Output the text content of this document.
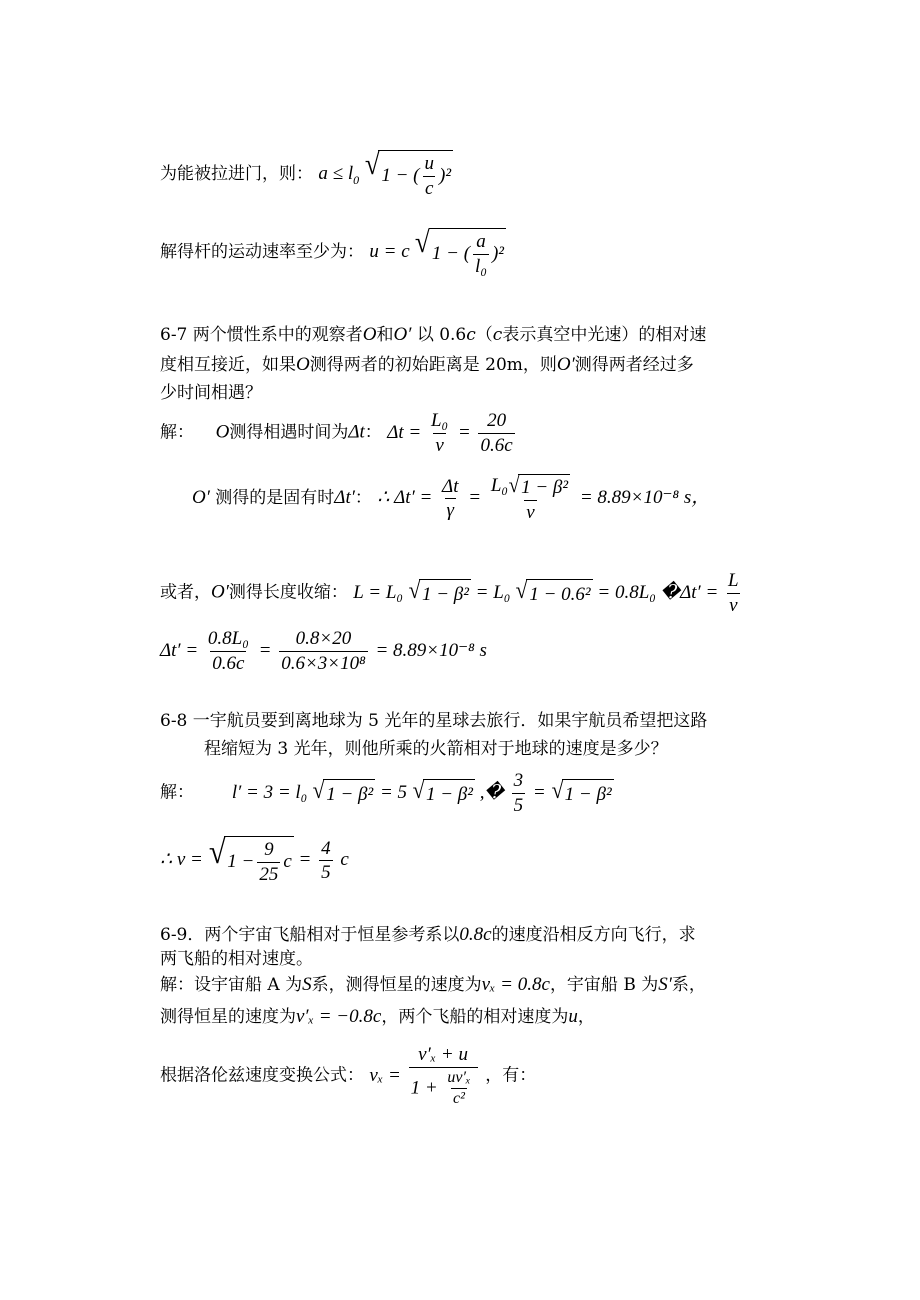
为能被拉进门，则： $a \le l_0$ √ 1 − ( $\frac{u}{c} )^2$
解得杆的运动速率至少为： u = c √ 1 − ( $\frac{a}{\text{l₀}} )^2$
6-7 两个惯性系中的观察者O和O′ 以 0.6c（c表示真空中光速）的相对速
度相互接近，如果O测得两者的初始距离是 20m，则O′测得两者经过多
少时间相遇？
解： O测得相遇时间为Δt： $\Delta t = \frac{\text{L₀}}{v} = \frac{20}{0.6c}$
O′ 测得的是固有时Δt′： ∴ $\Delta t' = \frac{\Delta t}{\gamma} = \frac{\text{L₀ √ 1 − β²}}{v} = 8.89\times 10^{-8}$ s，
或者，O′测得长度收缩： L = L₀ √ 1 − β² = L₀ √ 1 − 0.6² = 0.8L₀ �Δt′ = $\frac{L}{v}$
$\Delta t' = \frac{\text{0.8L₀}}{0.6c} = \frac{0.8\times 20}{\text{0.6×3×10⁸}} = 8.89\times 10^{-8}$ s
6-8 一宇航员要到离地球为 5 光年的星球去旅行．如果宇航员希望把这路
程缩短为 3 光年，则他所乘的火箭相对于地球的速度是多少？
解： l′ = 3 = l₀ √ 1 − β² = 5 √ 1 − β² ,� $\frac{3}{5}$ = √ 1 − β²
∴ v = √ $1 - \frac{9}{25}$ $c = \frac{4}{5}$ c
6-9．两个宇宙飞船相对于恒星参考系以0.8c的速度沿相反方向飞行，求
两飞船的相对速度。
解：设宇宙船 A 为S系，测得恒星的速度为vₓ = 0.8c，宇宙船 B 为S′系，
测得恒星的速度为v′ₓ = −0.8c，两个飞船的相对速度为u，
根据洛伦兹速度变换公式： $v_x = \frac{\text{v′ₓ + u}}{1 + \frac{\text{uv′ₓ}}{\text{c²}}}$ ，有：
